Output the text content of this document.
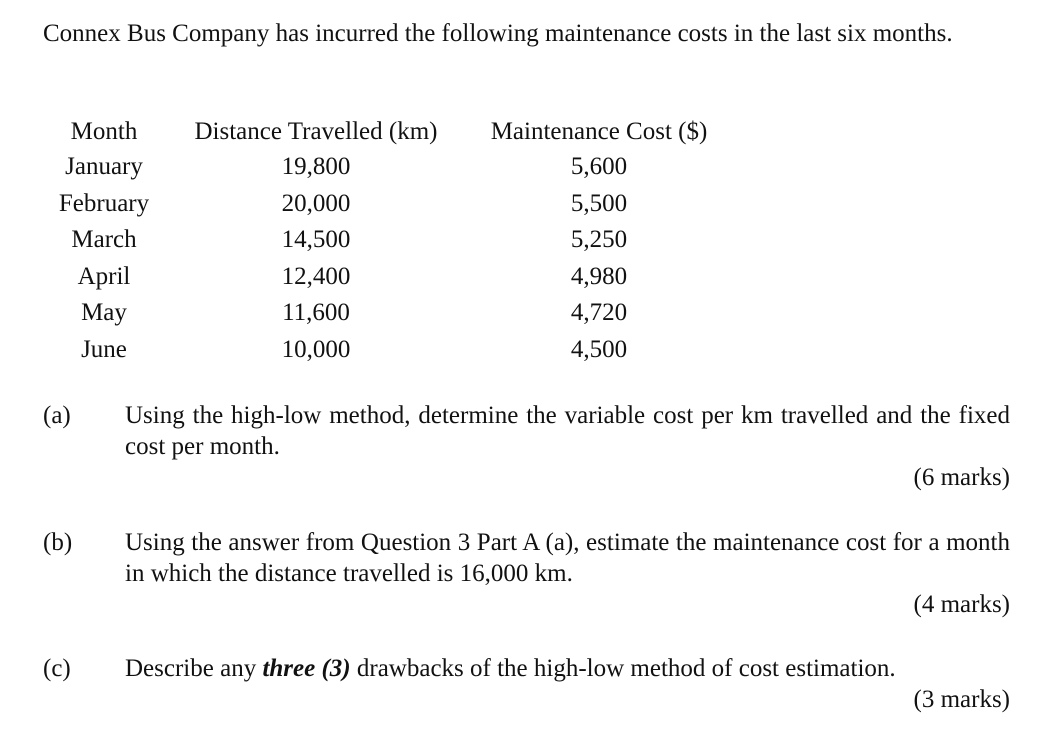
Connex Bus Company has incurred the following maintenance costs in the last six months.
Month	Distance Travelled (km)	Maintenance Cost ($)
January	19,800	5,600
February	20,000	5,500
March	14,500	5,250
April	12,400	4,980
May	11,600	4,720
June	10,000	4,500
(a) Using the high-low method, determine the variable cost per km travelled and the fixed cost per month.
(6 marks)
(b) Using the answer from Question 3 Part A (a), estimate the maintenance cost for a month in which the distance travelled is 16,000 km.
(4 marks)
(c) Describe any three (3) drawbacks of the high-low method of cost estimation.
(3 marks)
